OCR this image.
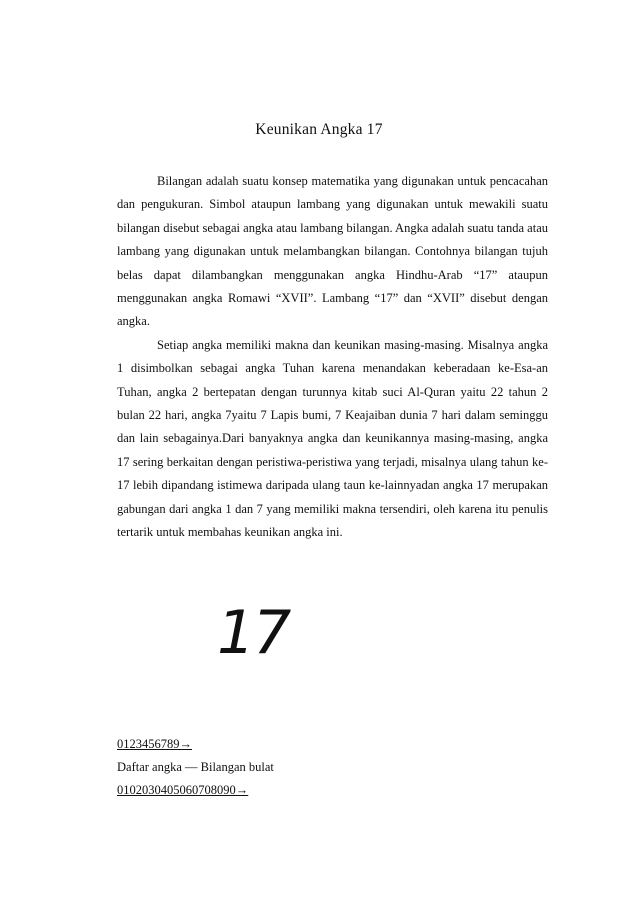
Keunikan Angka 17

Bilangan adalah suatu konsep matematika yang digunakan untuk pencacahan dan pengukuran. Simbol ataupun lambang yang digunakan untuk mewakili suatu bilangan disebut sebagai angka atau lambang bilangan. Angka adalah suatu tanda atau lambang yang digunakan untuk melambangkan bilangan. Contohnya bilangan tujuh belas dapat dilambangkan menggunakan angka Hindhu-Arab “17” ataupun menggunakan angka Romawi “XVII”. Lambang “17” dan “XVII” disebut dengan angka.

Setiap angka memiliki makna dan keunikan masing-masing. Misalnya angka 1 disimbolkan sebagai angka Tuhan karena menandakan keberadaan ke-Esa-an Tuhan, angka 2 bertepatan dengan turunnya kitab suci Al-Quran yaitu 22 tahun 2 bulan 22 hari, angka 7yaitu 7 Lapis bumi, 7 Keajaiban dunia 7 hari dalam seminggu dan lain sebagainya.Dari banyaknya angka dan keunikannya masing-masing, angka 17 sering berkaitan dengan peristiwa-peristiwa yang terjadi, misalnya ulang tahun ke-17 lebih dipandang istimewa daripada ulang taun ke-lainnyadan angka 17 merupakan gabungan dari angka 1 dan 7 yang memiliki makna tersendiri, oleh karena itu penulis tertarik untuk membahas keunikan angka ini.

17
0123456789→
Daftar angka — Bilangan bulat
0102030405060708090→
